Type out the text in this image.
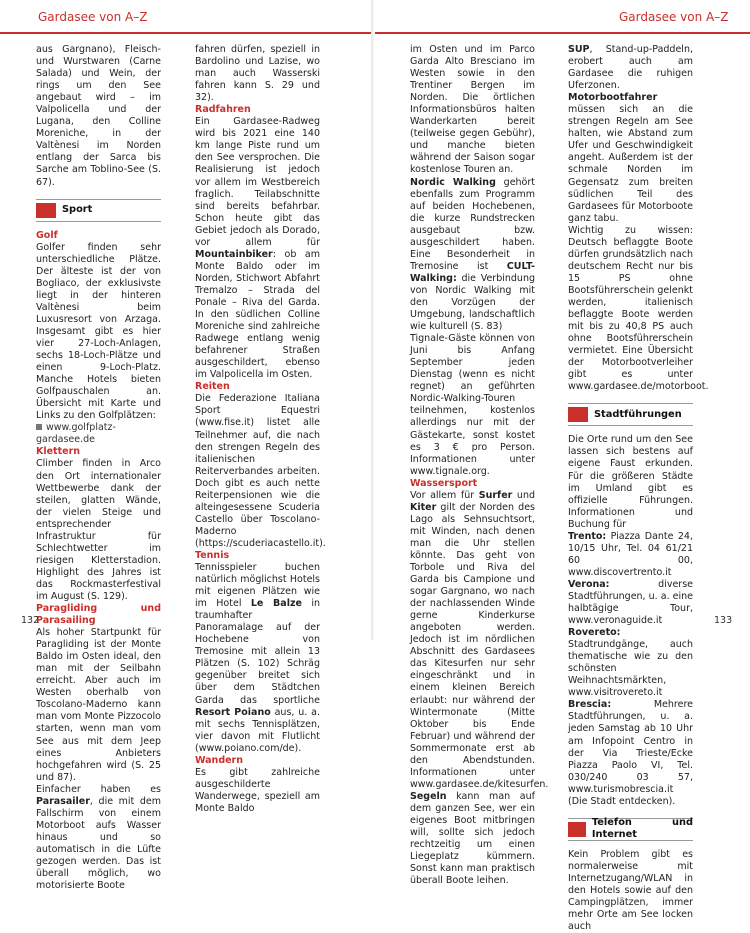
Gardasee von A–Z	Gardasee von A–Z

aus Gargnano), Fleisch- und Wurstwaren (Carne Salada) und Wein, der rings um den See angebaut wird – im Valpolicella und der Lugana, den Colline Moreniche, in der Valtènesi im Norden entlang der Sarca bis Sarche am Toblino-See (S. 67).

Sport

Golf

Golfer finden sehr unterschiedliche Plätze. Der älteste ist der von Bogliaco, der exklusivste liegt in der hinteren Valtènesi beim Luxusresort von Arzaga. Insgesamt gibt es hier vier 27-Loch-Anlagen, sechs 18-Loch-Plätze und einen 9-Loch-Platz. Manche Hotels bieten Golfpauschalen an. Übersicht mit Karte und Links zu den Golfplätzen:

www.golfplatz-gardasee.de

Klettern

Climber finden in Arco den Ort internationaler Wettbewerbe dank der steilen, glatten Wände, der vielen Steige und entsprechender Infrastruktur für Schlechtwetter im riesigen Kletterstadion. Highlight des Jahres ist das Rockmasterfestival im August (S. 129).

Paragliding und Parasailing

Als hoher Startpunkt für Paragliding ist der Monte Baldo im Osten ideal, den man mit der Seilbahn erreicht. Aber auch im Westen oberhalb von Toscolano-Maderno kann man vom Monte Pizzocolo starten, wenn man vom See aus mit dem Jeep eines Anbieters hochgefahren wird (S. 25 und 87).

Einfacher haben es Parasailer, die mit dem Fallschirm von einem Motorboot aufs Wasser hinaus und so automatisch in die Lüfte gezogen werden. Das ist überall möglich, wo motorisierte Boote

fahren dürfen, speziell in Bardolino und Lazise, wo man auch Wasserski fahren kann S. 29 und 32).

Radfahren

Ein Gardasee-Radweg wird bis 2021 eine 140 km lange Piste rund um den See versprochen. Die Realisierung ist jedoch vor allem im Westbereich fraglich. Teilabschnitte sind bereits befahrbar. Schon heute gibt das Gebiet jedoch als Dorado, vor allem für Mountainbiker: ob am Monte Baldo oder im Norden, Stichwort Abfahrt Tremalzo – Strada del Ponale – Riva del Garda. In den südlichen Colline Moreniche sind zahlreiche Radwege entlang wenig befahrener Straßen ausgeschildert, ebenso im Valpolicella im Osten.

Reiten

Die Federazione Italiana Sport Equestri (www.fise.it) listet alle Teilnehmer auf, die nach den strengen Regeln des italienischen Reiterverbandes arbeiten. Doch gibt es auch nette Reiterpensionen wie die alteingesessene Scuderia Castello über Toscolano-Maderno (https://scuderiacastello.it).

Tennis

Tennisspieler buchen natürlich möglichst Hotels mit eigenen Plätzen wie im Hotel Le Balze in traumhafter Panoramalage auf der Hochebene von Tremosine mit allein 13 Plätzen (S. 102) Schräg gegenüber breitet sich über dem Städtchen Garda das sportliche Resort Poiano aus, u. a. mit sechs Tennisplätzen, vier davon mit Flutlicht (www.poiano.com/de).

Wandern

Es gibt zahlreiche ausgeschilderte Wanderwege, speziell am Monte Baldo

im Osten und im Parco Garda Alto Bresciano im Westen sowie in den Trentiner Bergen im Norden. Die örtlichen Informationsbüros halten Wanderkarten bereit (teilweise gegen Gebühr), und manche bieten während der Saison sogar kostenlose Touren an.

Nordic Walking gehört ebenfalls zum Programm auf beiden Hochebenen, die kurze Rundstrecken ausgebaut bzw. ausgeschildert haben. Eine Besonderheit in Tremosine ist CULT-Walking: die Verbindung von Nordic Walking mit den Vorzügen der Umgebung, landschaftlich wie kulturell (S. 83)

Tignale-Gäste können von Juni bis Anfang September jeden Dienstag (wenn es nicht regnet) an geführten Nordic-Walking-Touren teilnehmen, kostenlos allerdings nur mit der Gästekarte, sonst kostet es 3 € pro Person. Informationen unter www.tignale.org.

Wassersport

Vor allem für Surfer und Kiter gilt der Norden des Lago als Sehnsuchtsort, mit Winden, nach denen man die Uhr stellen könnte. Das geht von Torbole und Riva del Garda bis Campione und sogar Gargnano, wo nach der nachlassenden Winde gerne Kinderkurse angeboten werden. Jedoch ist im nördlichen Abschnitt des Gardasees das Kitesurfen nur sehr eingeschränkt und in einem kleinen Bereich erlaubt: nur während der Wintermonate (Mitte Oktober bis Ende Februar) und während der Sommermonate erst ab den Abendstunden. Informationen unter www.gardasee.de/kitesurfen.

Segeln kann man auf dem ganzen See, wer ein eigenes Boot mitbringen will, sollte sich jedoch rechtzeitig um einen Liegeplatz kümmern. Sonst kann man praktisch überall Boote leihen.

SUP, Stand-up-Paddeln, erobert auch am Gardasee die ruhigen Uferzonen.

Motorbootfahrer müssen sich an die strengen Regeln am See halten, wie Abstand zum Ufer und Geschwindigkeit angeht. Außerdem ist der schmale Norden im Gegensatz zum breiten südlichen Teil des Gardasees für Motorboote ganz tabu.

Wichtig zu wissen: Deutsch beflaggte Boote dürfen grundsätzlich nach deutschem Recht nur bis 15 PS ohne Bootsführerschein gelenkt werden, italienisch beflaggte Boote werden mit bis zu 40,8 PS auch ohne Bootsführerschein vermietet. Eine Übersicht der Motorbootverleiher gibt es unter www.gardasee.de/motorboot.

Stadtführungen

Die Orte rund um den See lassen sich bestens auf eigene Faust erkunden. Für die größeren Städte im Umland gibt es offizielle Führungen. Informationen und Buchung für

Trento: Piazza Dante 24, 10/15 Uhr, Tel. 04 61/21 60 00, www.discovertrento.it

Verona: diverse Stadtführungen, u. a. eine halbtägige Tour, www.veronaguide.it

Rovereto: Stadtrundgänge, auch thematische wie zu den schönsten Weihnachtsmärkten, www.visitrovereto.it

Brescia: Mehrere Stadtführungen, u. a. jeden Samstag ab 10 Uhr am Infopoint Centro in der Via Trieste/Ecke Piazza Paolo VI, Tel. 030/240 03 57, www.turismobrescia.it (Die Stadt entdecken).

Telefon und Internet

Kein Problem gibt es normalerweise mit Internetzugang/WLAN in den Hotels sowie auf den Campingplätzen, immer mehr Orte am See locken auch

132	133
